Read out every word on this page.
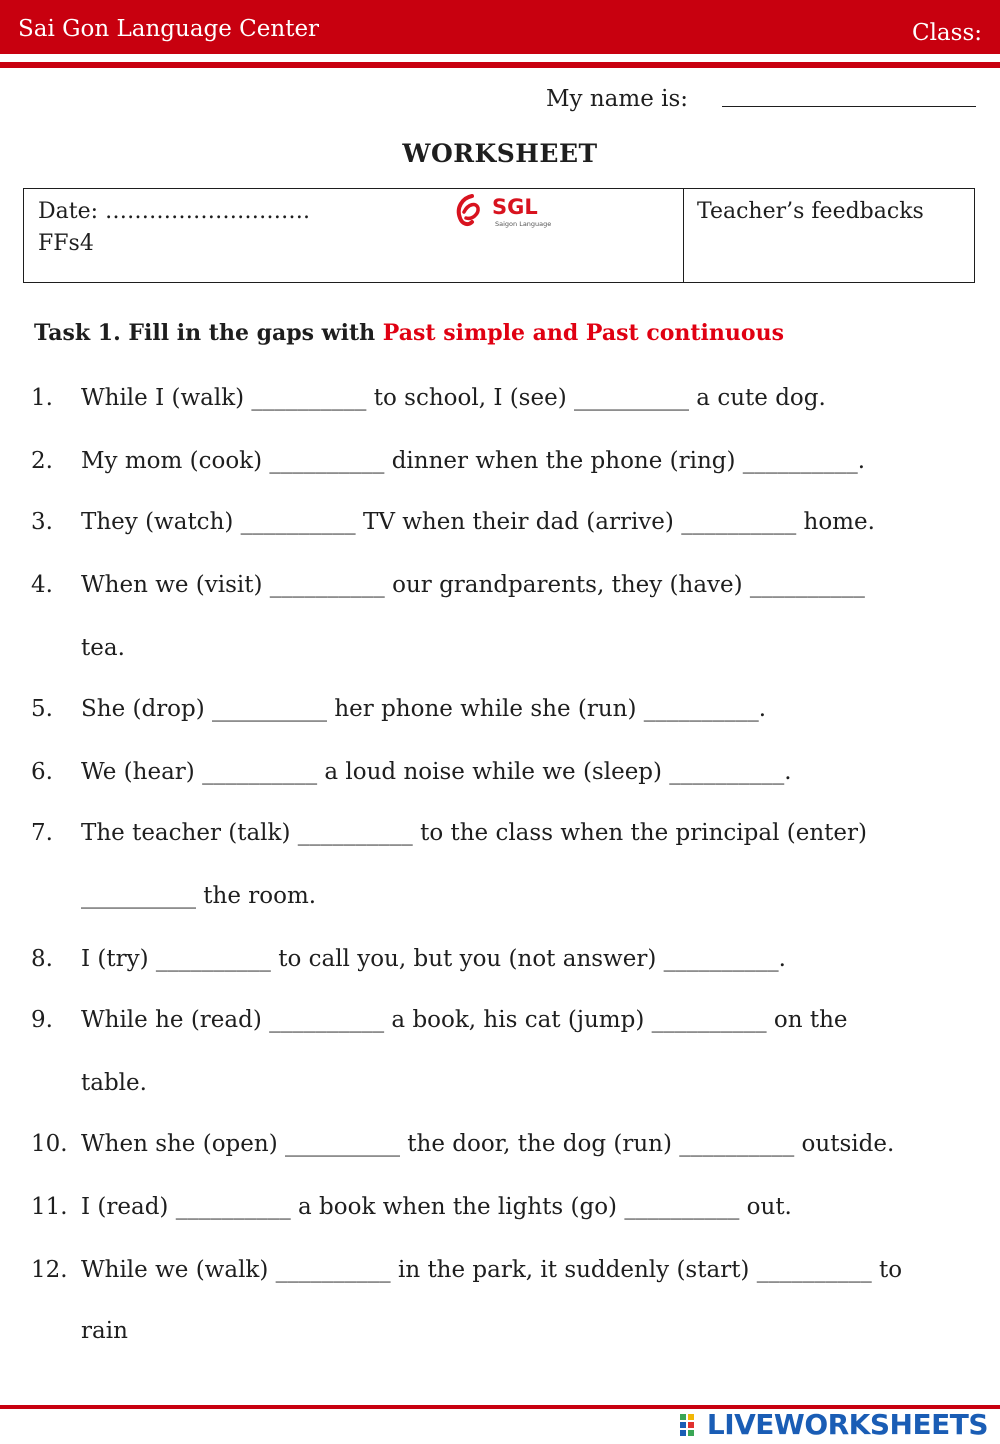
Sai Gon Language Center	Class:
My name is:
WORKSHEET
Date: ……………………….
FFs4
Teacher’s feedbacks
SGL
Saigon Language
Task 1. Fill in the gaps with Past simple and Past continuous
1. While I (walk) __________ to school, I (see) __________ a cute dog.
2. My mom (cook) __________ dinner when the phone (ring) __________.
3. They (watch) __________ TV when their dad (arrive) __________ home.
4. When we (visit) __________ our grandparents, they (have) __________
tea.
5. She (drop) __________ her phone while she (run) __________.
6. We (hear) __________ a loud noise while we (sleep) __________.
7. The teacher (talk) __________ to the class when the principal (enter)
__________ the room.
8. I (try) __________ to call you, but you (not answer) __________.
9. While he (read) __________ a book, his cat (jump) __________ on the
table.
10. When she (open) __________ the door, the dog (run) __________ outside.
11. I (read) __________ a book when the lights (go) __________ out.
12. While we (walk) __________ in the park, it suddenly (start) __________ to
rain
LIVEWORKSHEETS
